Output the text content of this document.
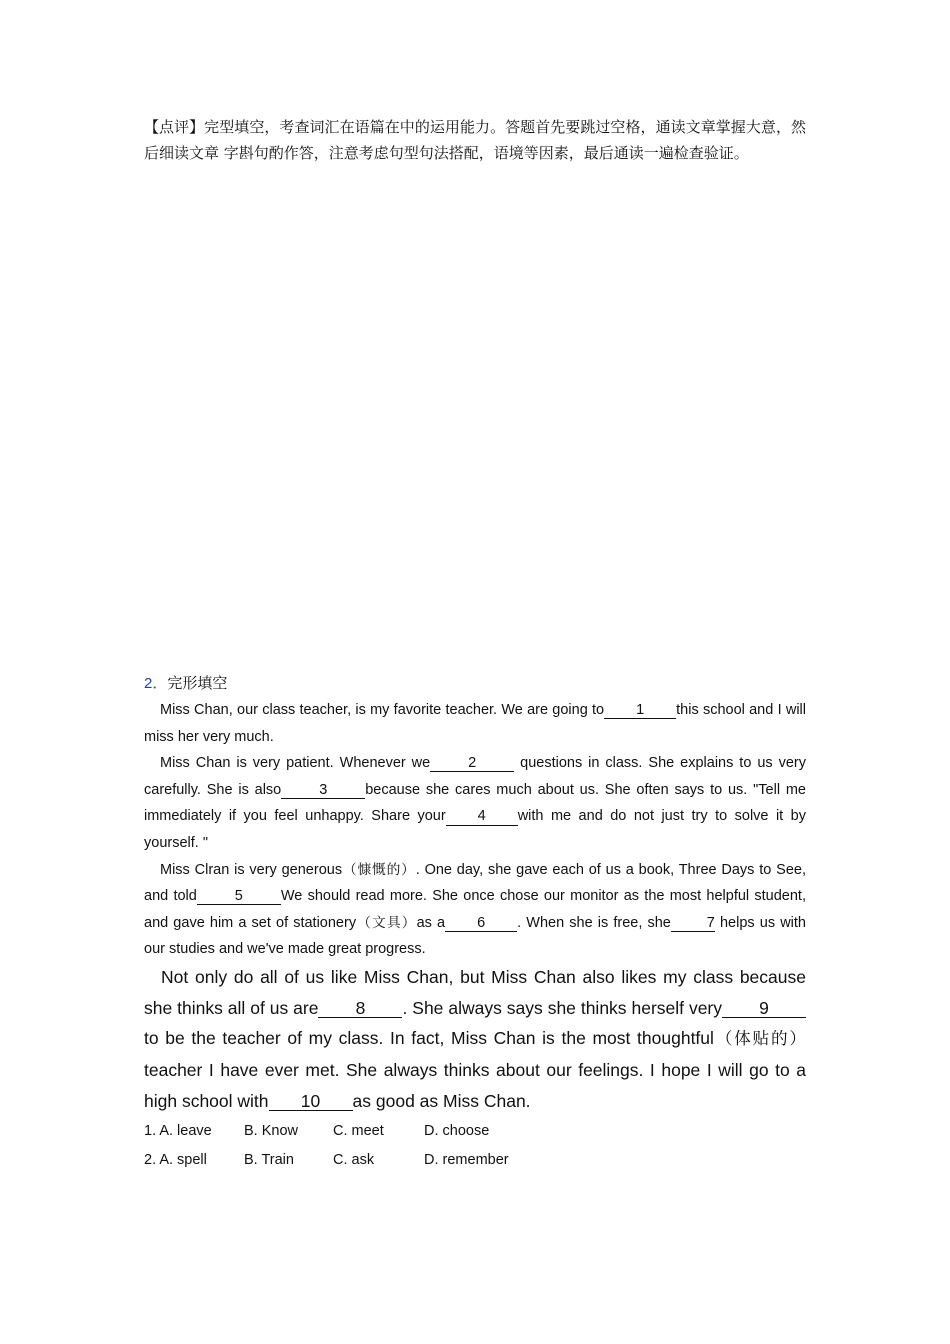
【点评】完型填空，考查词汇在语篇在中的运用能力。答题首先要跳过空格，通读文章掌握大意，然后细读文章 字斟句酌作答，注意考虑句型句法搭配，语境等因素，最后通读一遍检查验证。
2．完形填空

Miss Chan, our class teacher, is my favorite teacher. We are going to 1 this school and I will miss her very much.

Miss Chan is very patient. Whenever we	2	questions in class. She explains to us very carefully. She is also	3	because she cares much about us. She often says to us. "Tell me immediately if you feel unhappy. Share your 4 with me and do not just try to solve it by yourself. "

Miss Clran is very generous（慷慨的）. One day, she gave each of us a book, Three Days to See, and told	5	We should read more. She once chose our monitor as the most helpful student, and gave him a set of stationery（文具）as a 6 . When she is free, she 7 helps us with our studies and we've made great progress.

Not only do all of us like Miss Chan, but Miss Chan also likes my class because she thinks all of us are 8 . She always says she thinks herself very 9to be the teacher of my class. In fact, Miss Chan is the most thoughtful（体贴的） teacher I have ever met. She always thinks about our feelings. I hope I will go to a high school with 10 as good as Miss Chan.

1. A. leave	B. Know	C. meet	D. choose
2. A. spell	B. Train	C. ask	D. remember
